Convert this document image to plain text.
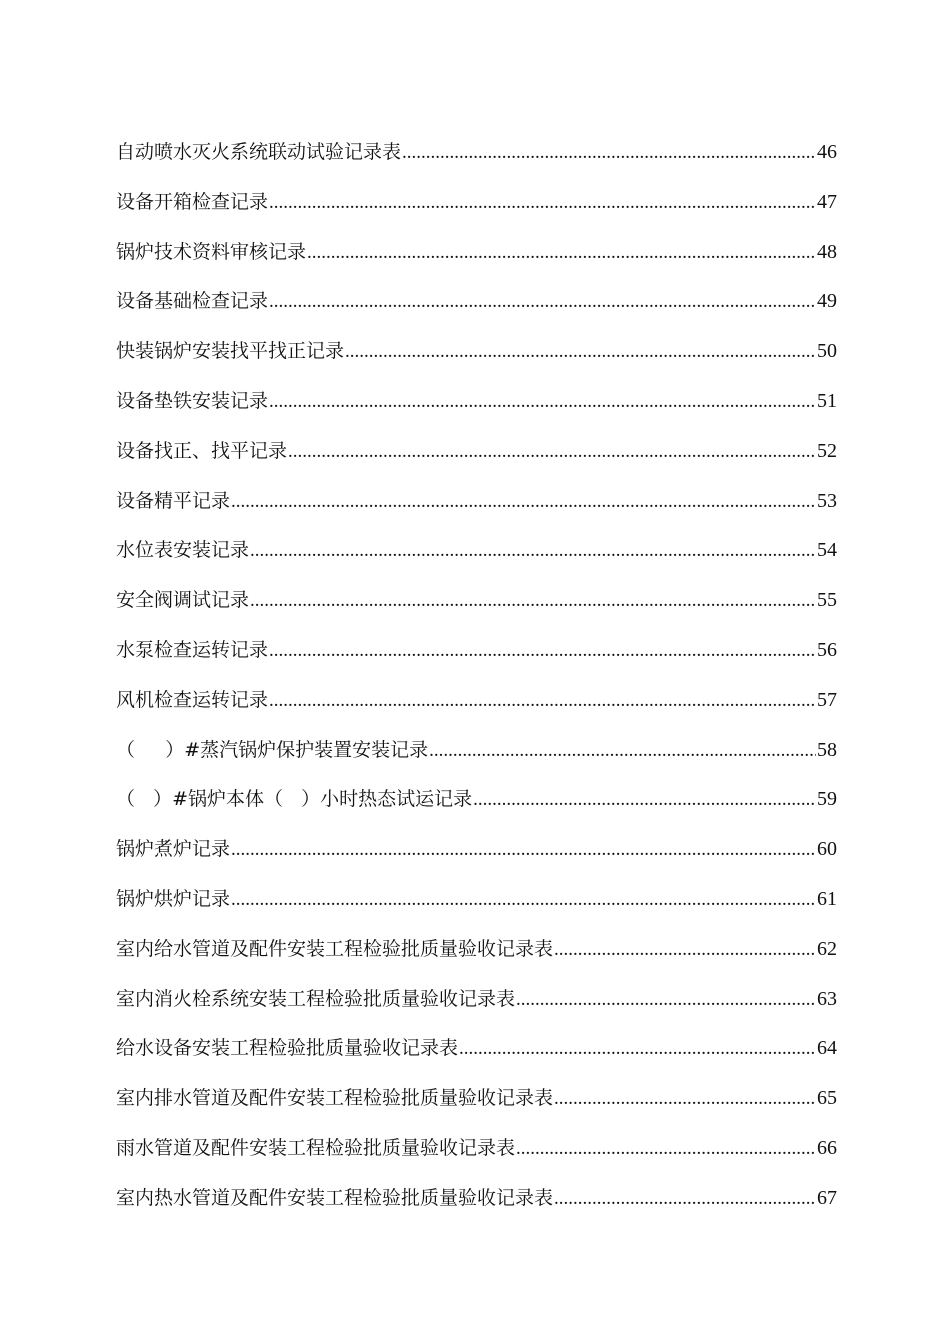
自动喷水灭火系统联动试验记录表 .....	46
设备开箱检查记录 .....	47
锅炉技术资料审核记录 .....	48
设备基础检查记录 .....	49
快装锅炉安装找平找正记录 .....	50
设备垫铁安装记录 .....	51
设备找正、找平记录 .....	52
设备精平记录 .....	53
水位表安装记录 .....	54
安全阀调试记录 .....	55
水泵检查运转记录 .....	56
风机检查运转记录 .....	57
（     ）#蒸汽锅炉保护装置安装记录 .....	58
（   ）#锅炉本体（   ）小时热态试运记录 .....	59
锅炉煮炉记录 .....	60
锅炉烘炉记录 .....	61
室内给水管道及配件安装工程检验批质量验收记录表 .....	62
室内消火栓系统安装工程检验批质量验收记录表 .....	63
给水设备安装工程检验批质量验收记录表 .....	64
室内排水管道及配件安装工程检验批质量验收记录表 .....	65
雨水管道及配件安装工程检验批质量验收记录表 .....	66
室内热水管道及配件安装工程检验批质量验收记录表 .....	67
